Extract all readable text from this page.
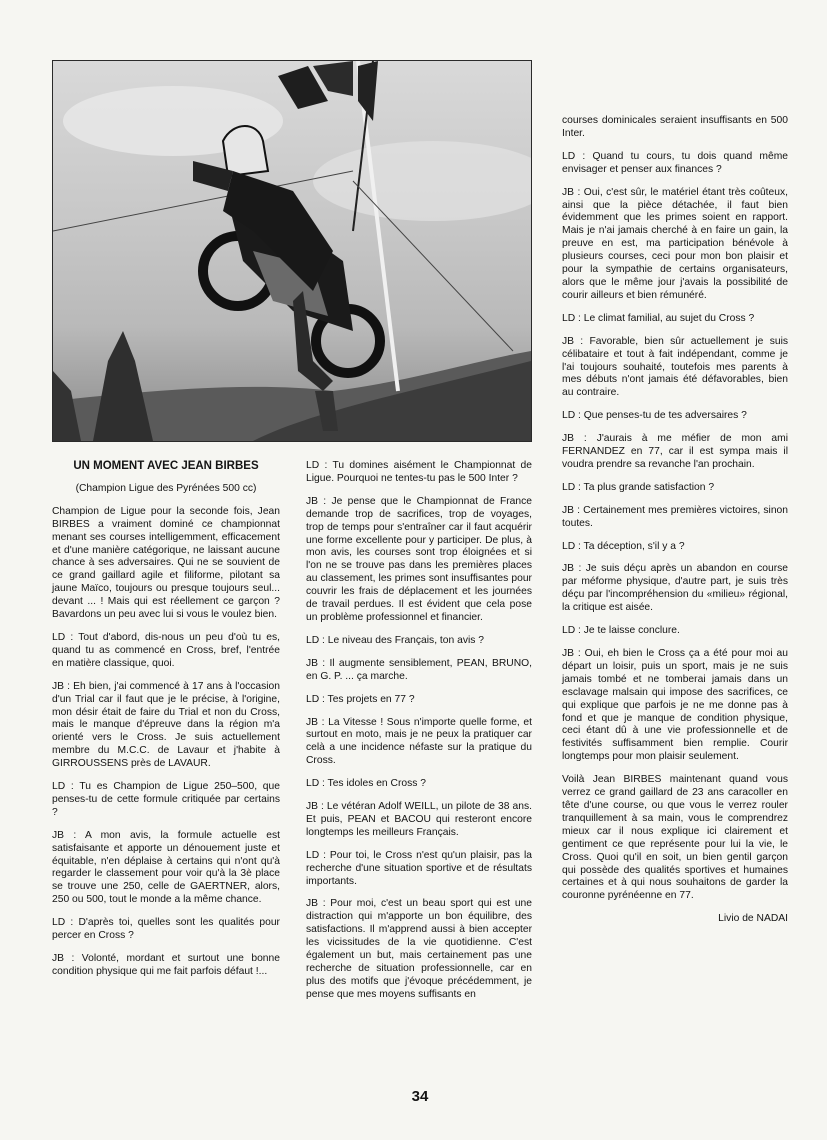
UN MOMENT AVEC JEAN BIRBES

(Champion Ligue des Pyrénées 500 cc)

Champion de Ligue pour la seconde fois, Jean BIRBES a vraiment dominé ce championnat menant ses courses intelligemment, efficacement et d'une manière catégorique, ne laissant aucune chance à ses adversaires. Qui ne se souvient de ce grand gaillard agile et filiforme, pilotant sa jaune Maïco, toujours ou presque toujours seul... devant ... ! Mais qui est réellement ce garçon ? Bavardons un peu avec lui si vous le voulez bien.

LD : Tout d'abord, dis-nous un peu d'où tu es, quand tu as commencé en Cross, bref, l'entrée en matière classique, quoi.

JB : Eh bien, j'ai commencé à 17 ans à l'occasion d'un Trial car il faut que je le précise, à l'origine, mon désir était de faire du Trial et non du Cross, mais le manque d'épreuve dans la région m'a orienté vers le Cross. Je suis actuellement membre du M.C.C. de Lavaur et j'habite à GIRROUSSENS près de LAVAUR.

LD : Tu es Champion de Ligue 250–500, que penses-tu de cette formule critiquée par certains ?

JB : A mon avis, la formule actuelle est satisfaisante et apporte un dénouement juste et équitable, n'en déplaise à certains qui n'ont qu'à regarder le classement pour voir qu'à la 3è place se trouve une 250, celle de GAERTNER, alors, 250 ou 500, tout le monde a la même chance.

LD : D'après toi, quelles sont les qualités pour percer en Cross ?

JB : Volonté, mordant et surtout une bonne condition physique qui me fait parfois défaut !...

LD : Tu domines aisément le Championnat de Ligue. Pourquoi ne tentes-tu pas le 500 Inter ?

JB : Je pense que le Championnat de France demande trop de sacrifices, trop de voyages, trop de temps pour s'entraîner car il faut acquérir une forme excellente pour y participer. De plus, à mon avis, les courses sont trop éloignées et si l'on ne se trouve pas dans les premières places au classement, les primes sont insuffisantes pour couvrir les frais de déplacement et les journées de travail perdues. Il est évident que cela pose un problème professionnel et financier.

LD : Le niveau des Français, ton avis ?

JB : Il augmente sensiblement, PEAN, BRUNO, en G. P. ... ça marche.

LD : Tes projets en 77 ?

JB : La Vitesse ! Sous n'importe quelle forme, et surtout en moto, mais je ne peux la pratiquer car celà a une incidence néfaste sur la pratique du Cross.

LD : Tes idoles en Cross ?

JB : Le vétéran Adolf WEILL, un pilote de 38 ans. Et puis, PEAN et BACOU qui resteront encore longtemps les meilleurs Français.

LD : Pour toi, le Cross n'est qu'un plaisir, pas la recherche d'une situation sportive et de résultats importants.

JB : Pour moi, c'est un beau sport qui est une distraction qui m'apporte un bon équilibre, des satisfactions. Il m'apprend aussi à bien accepter les vicissitudes de la vie quotidienne. C'est également un but, mais certainement pas une recherche de situation professionnelle, car en plus des motifs que j'évoque précédemment, je pense que mes moyens suffisants en

courses dominicales seraient insuffisants en 500 Inter.

LD : Quand tu cours, tu dois quand même envisager et penser aux finances ?

JB : Oui, c'est sûr, le matériel étant très coûteux, ainsi que la pièce détachée, il faut bien évidemment que les primes soient en rapport. Mais je n'ai jamais cherché à en faire un gain, la preuve en est, ma participation bénévole à plusieurs courses, ceci pour mon bon plaisir et pour la sympathie de certains organisateurs, alors que le même jour j'avais la possibilité de courir ailleurs et bien rémunéré.

LD : Le climat familial, au sujet du Cross ?

JB : Favorable, bien sûr actuellement je suis célibataire et tout à fait indépendant, comme je l'ai toujours souhaité, toutefois mes parents à mes débuts n'ont jamais été défavorables, bien au contraire.

LD : Que penses-tu de tes adversaires ?

JB : J'aurais à me méfier de mon ami FERNANDEZ en 77, car il est sympa mais il voudra prendre sa revanche l'an prochain.

LD : Ta plus grande satisfaction ?

JB : Certainement mes premières victoires, sinon toutes.

LD : Ta déception, s'il y a ?

JB : Je suis déçu après un abandon en course par méforme physique, d'autre part, je suis très déçu par l'incompréhension du «milieu» régional, la critique est aisée.

LD : Je te laisse conclure.

JB : Oui, eh bien le Cross ça a été pour moi au départ un loisir, puis un sport, mais je ne suis jamais tombé et ne tomberai jamais dans un esclavage malsain qui impose des sacrifices, ce qui explique que parfois je ne me donne pas à fond et que je manque de condition physique, ceci étant dû à une vie professionnelle et de festivités suffisamment bien remplie. Courir longtemps pour mon plaisir seulement.

Voilà Jean BIRBES maintenant quand vous verrez ce grand gaillard de 23 ans caracoller en tête d'une course, ou que vous le verrez rouler tranquillement à sa main, vous le comprendrez mieux car il nous explique ici clairement et gentiment ce que représente pour lui la vie, le Cross. Quoi qu'il en soit, un bien gentil garçon qui possède des qualités sportives et humaines certaines et à qui nous souhaitons de garder la couronne pyrénéenne en 77.

Livio de NADAI

34
